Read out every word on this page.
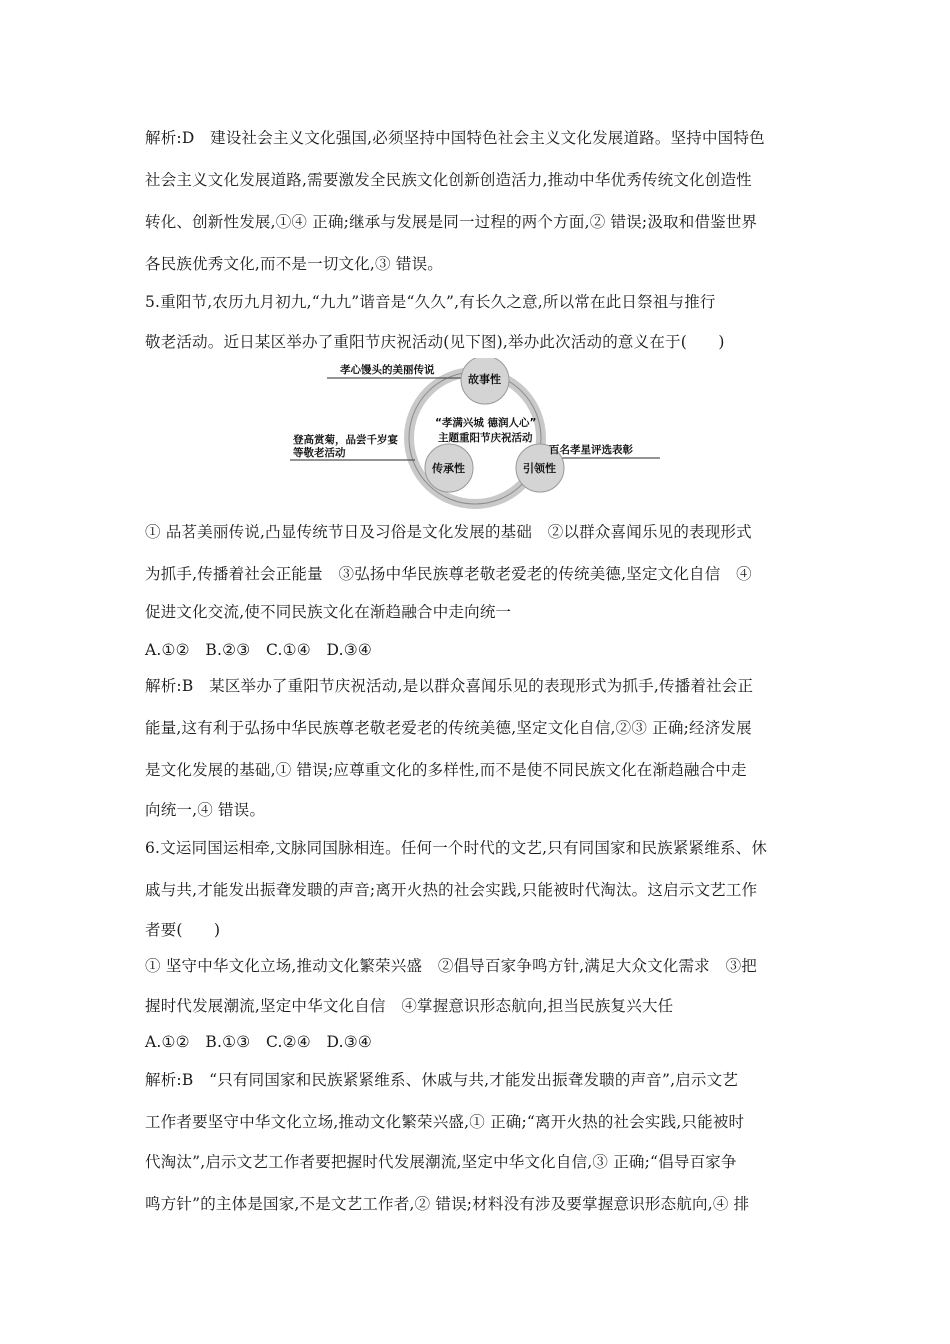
解析:D　建设社会主义文化强国,必须坚持中国特色社会主义文化发展道路。坚持中国特色
社会主义文化发展道路,需要激发全民族文化创新创造活力,推动中华优秀传统文化创造性
转化、创新性发展,①④ 正确;继承与发展是同一过程的两个方面,② 错误;汲取和借鉴世界
各民族优秀文化,而不是一切文化,③ 错误。
5.重阳节,农历九月初九,“九九”谐音是“久久”,有长久之意,所以常在此日祭祖与推行
敬老活动。近日某区举办了重阳节庆祝活动(见下图),举办此次活动的意义在于(　　)
孝心馒头的美丽传说
故事性
登高赏菊，品尝千岁宴
等敬老活动
传承性	引领性
“孝满兴城 德润人心”
主题重阳节庆祝活动
百名孝星评选表彰
① 品茗美丽传说,凸显传统节日及习俗是文化发展的基础　②以群众喜闻乐见的表现形式
为抓手,传播着社会正能量　③弘扬中华民族尊老敬老爱老的传统美德,坚定文化自信　④
促进文化交流,使不同民族文化在渐趋融合中走向统一
A.①②　B.②③　C.①④　D.③④
解析:B　某区举办了重阳节庆祝活动,是以群众喜闻乐见的表现形式为抓手,传播着社会正
能量,这有利于弘扬中华民族尊老敬老爱老的传统美德,坚定文化自信,②③ 正确;经济发展
是文化发展的基础,① 错误;应尊重文化的多样性,而不是使不同民族文化在渐趋融合中走
向统一,④ 错误。
6.文运同国运相牵,文脉同国脉相连。任何一个时代的文艺,只有同国家和民族紧紧维系、休
戚与共,才能发出振聋发聩的声音;离开火热的社会实践,只能被时代淘汰。这启示文艺工作
者要(　　)
① 坚守中华文化立场,推动文化繁荣兴盛　②倡导百家争鸣方针,满足大众文化需求　③把
握时代发展潮流,坚定中华文化自信　④掌握意识形态航向,担当民族复兴大任
A.①②　B.①③　C.②④　D.③④
解析:B　“只有同国家和民族紧紧维系、休戚与共,才能发出振聋发聩的声音”,启示文艺
工作者要坚守中华文化立场,推动文化繁荣兴盛,① 正确;“离开火热的社会实践,只能被时
代淘汰”,启示文艺工作者要把握时代发展潮流,坚定中华文化自信,③ 正确;“倡导百家争
鸣方针”的主体是国家,不是文艺工作者,② 错误;材料没有涉及要掌握意识形态航向,④ 排
